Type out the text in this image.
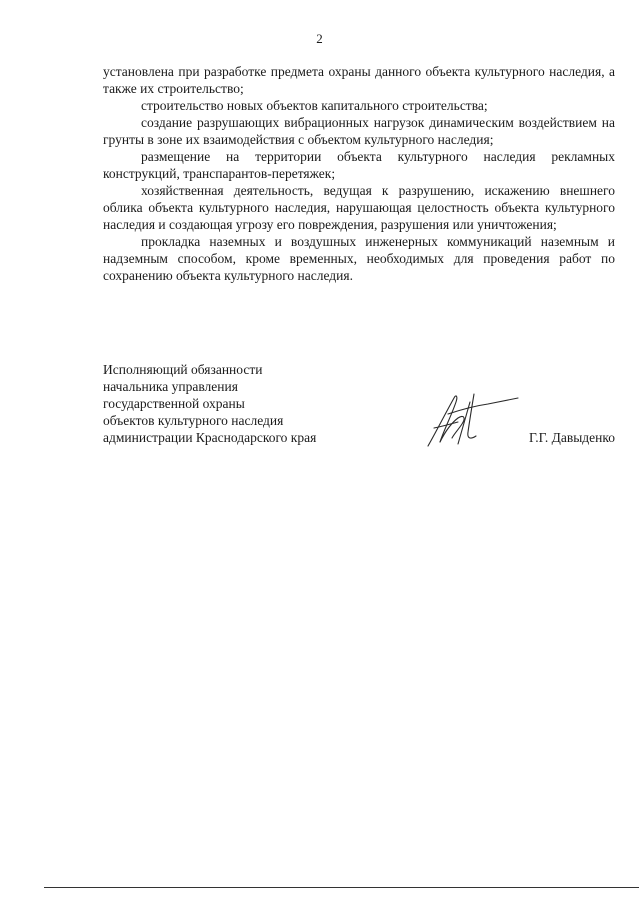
2

установлена при разработке предмета охраны данного объекта культурного наследия, а также их строительство;

строительство новых объектов капитального строительства;

создание разрушающих вибрационных нагрузок динамическим воздействием на грунты в зоне их взаимодействия с объектом культурного наследия;

размещение на территории объекта культурного наследия рекламных конструкций, транспарантов-перетяжек;

хозяйственная деятельность, ведущая к разрушению, искажению внешнего облика объекта культурного наследия, нарушающая целостность объекта культурного наследия и создающая угрозу его повреждения, разрушения или уничтожения;

прокладка наземных и воздушных инженерных коммуникаций наземным и надземным способом, кроме временных, необходимых для проведения работ по сохранению объекта культурного наследия.

Исполняющий обязанности
начальника управления
государственной охраны
объектов культурного наследия
администрации Краснодарского края	Г.Г. Давыденко
